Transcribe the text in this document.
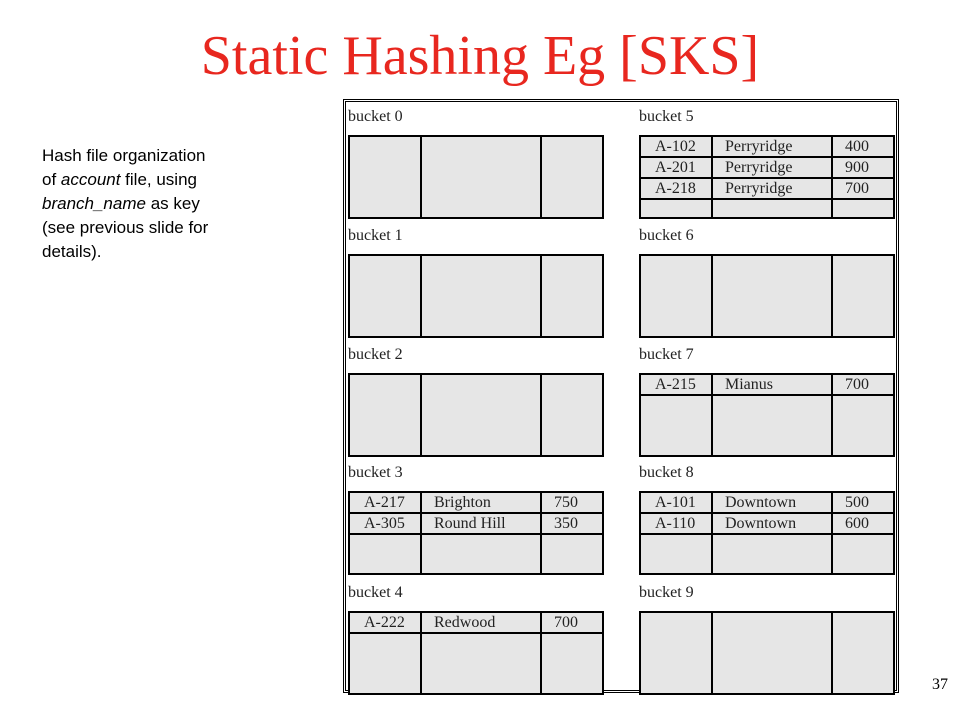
Static Hashing Eg [SKS]
Hash file organization
of account file, using
branch_name as key
(see previous slide for
details).
bucket 0
bucket 1
bucket 2
bucket 3
A-217 Brighton	750
A-305 Round Hill	350
bucket 4
A-222 Redwood	700
bucket 5
A-102 Perryridge	400
A-201 Perryridge	900
A-218 Perryridge	700
bucket 6
bucket 7
A-215 Mianus	700
bucket 8
A-101 Downtown	500
A-110 Downtown	600
bucket 9
37
